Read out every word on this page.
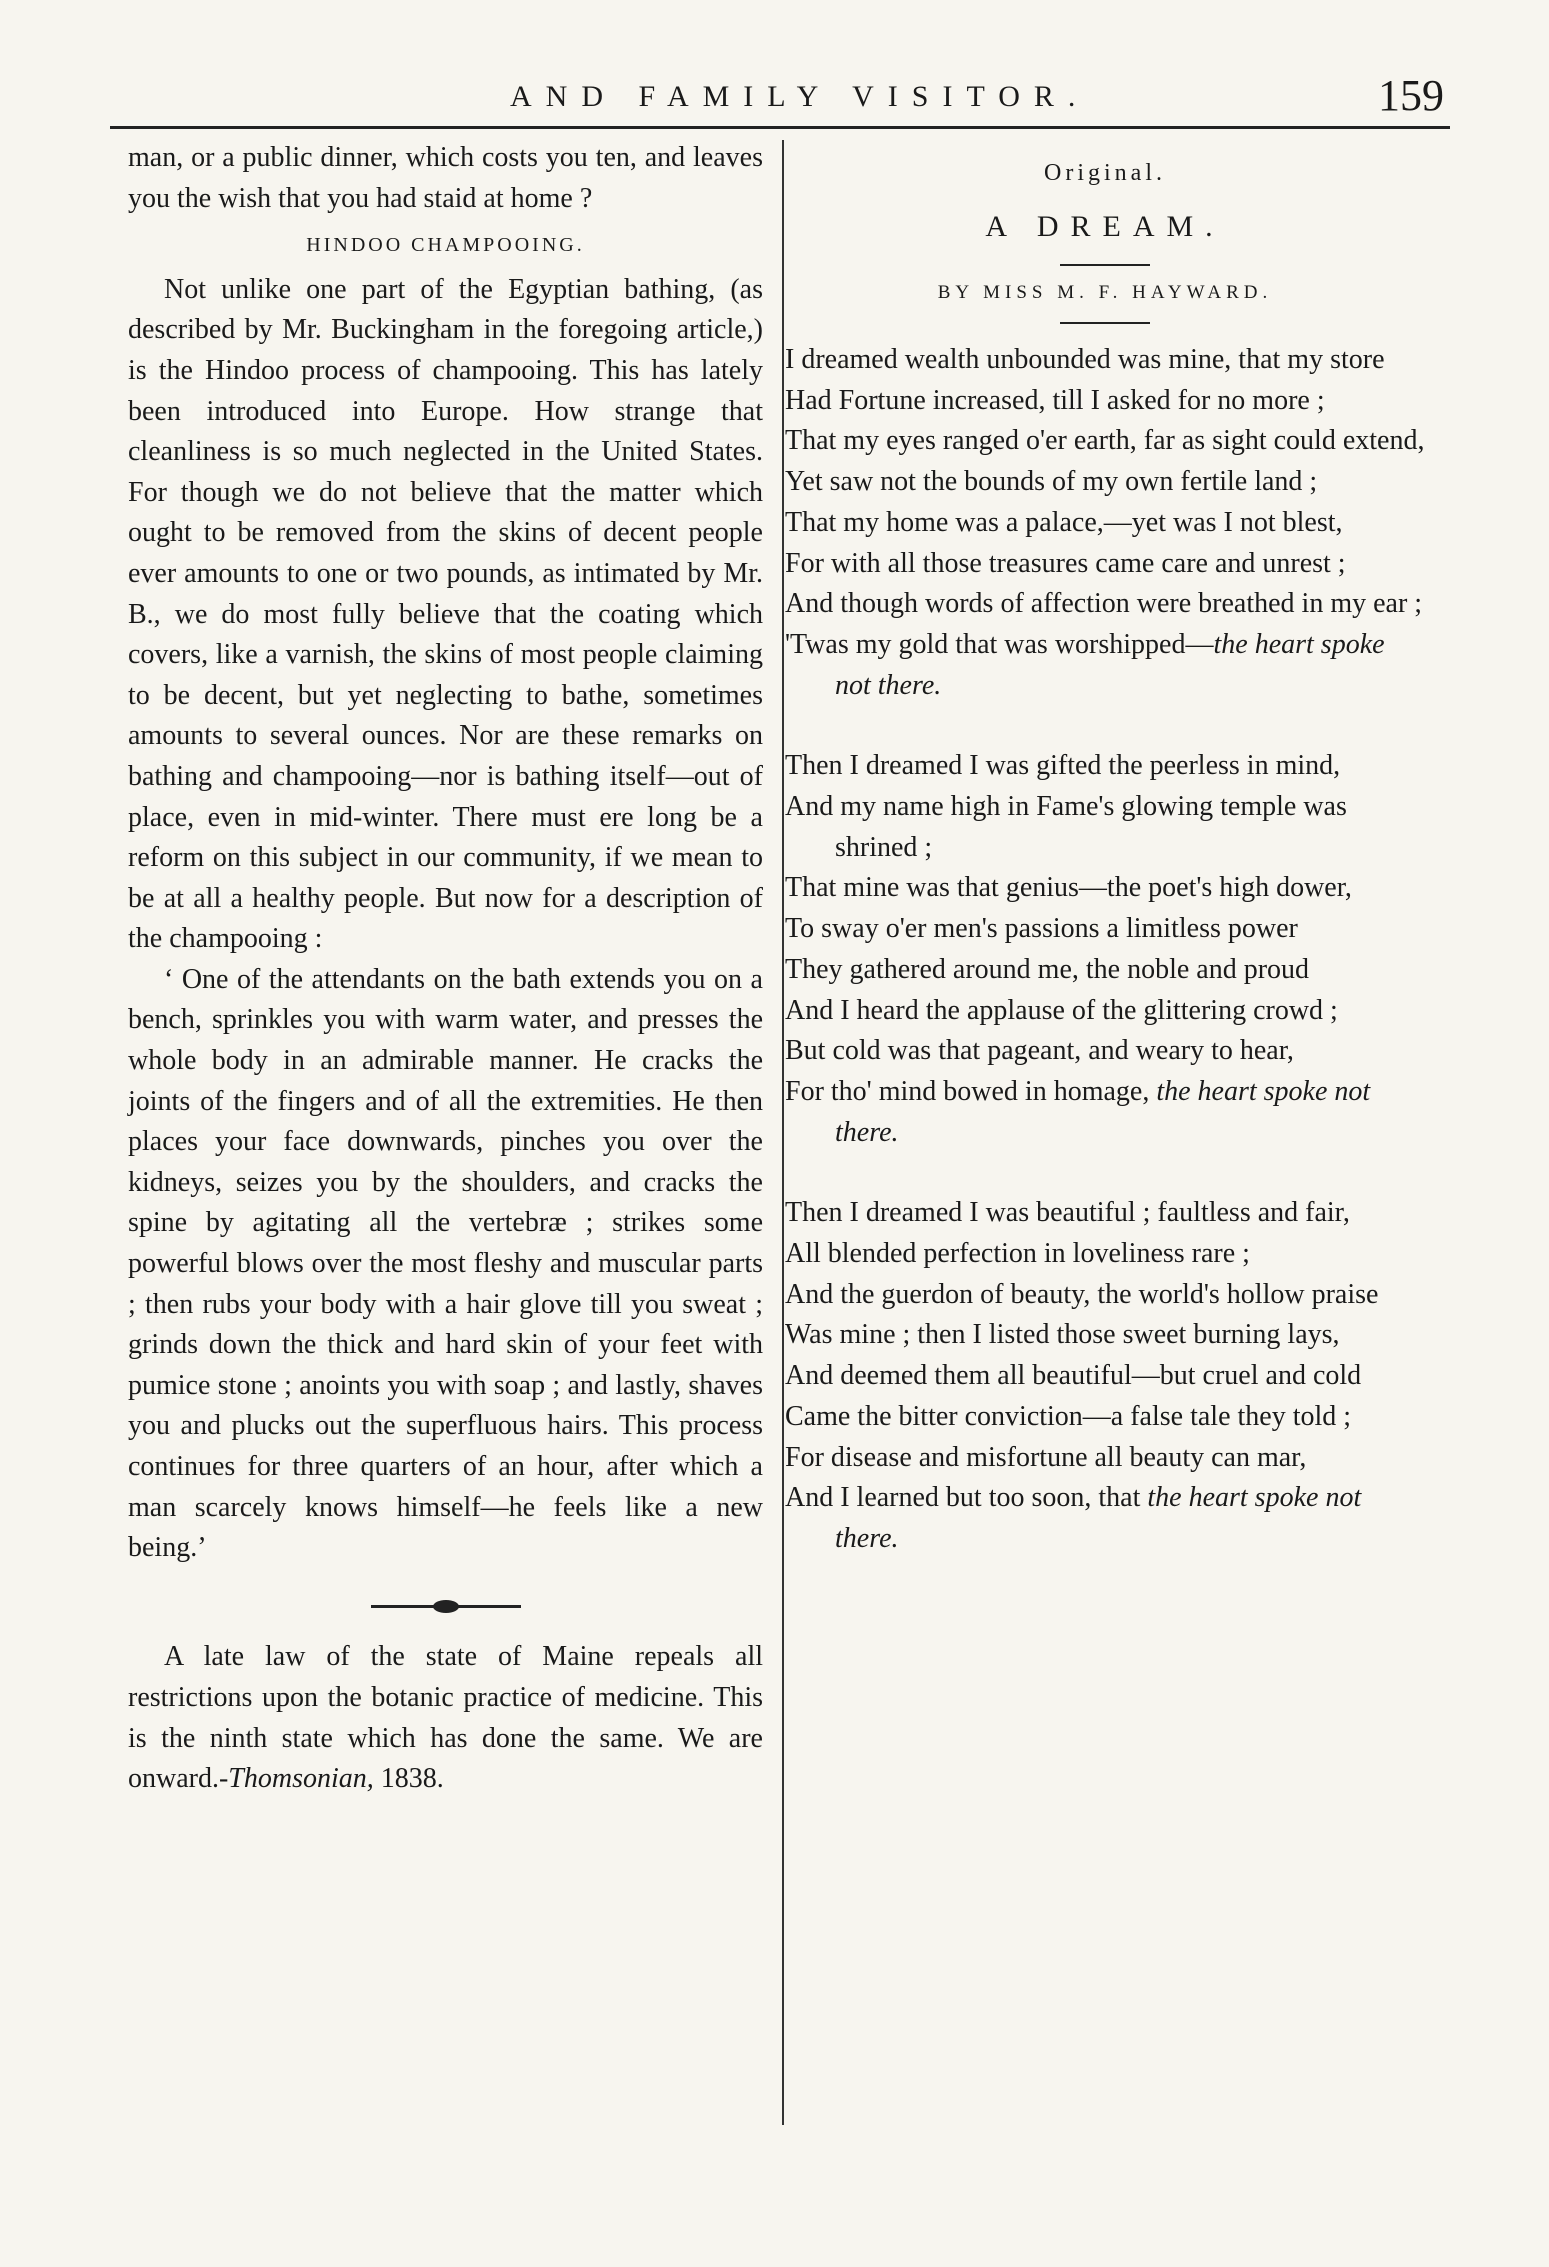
AND FAMILY VISITOR.	159

man, or a public dinner, which costs you ten, and leaves you the wish that you had staid at home ?

HINDOO CHAMPOOING.

Not unlike one part of the Egyptian bathing, (as described by Mr. Buckingham in the foregoing article,) is the Hindoo process of champooing. This has lately been introduced into Europe. How strange that cleanliness is so much neglected in the United States. For though we do not believe that the matter which ought to be removed from the skins of decent people ever amounts to one or two pounds, as intimated by Mr. B., we do most fully believe that the coating which covers, like a varnish, the skins of most people claiming to be decent, but yet neglecting to bathe, sometimes amounts to several ounces. Nor are these remarks on bathing and champooing—nor is bathing itself—out of place, even in mid-winter. There must ere long be a reform on this subject in our community, if we mean to be at all a healthy people. But now for a description of the champooing :

‘ One of the attendants on the bath extends you on a bench, sprinkles you with warm water, and presses the whole body in an admirable manner. He cracks the joints of the fingers and of all the extremities. He then places your face downwards, pinches you over the kidneys, seizes you by the shoulders, and cracks the spine by agitating all the vertebræ ; strikes some powerful blows over the most fleshy and muscular parts ; then rubs your body with a hair glove till you sweat ; grinds down the thick and hard skin of your feet with pumice stone ; anoints you with soap ; and lastly, shaves you and plucks out the superfluous hairs. This process continues for three quarters of an hour, after which a man scarcely knows himself—he feels like a new being.’

A late law of the state of Maine repeals all restrictions upon the botanic practice of medicine. This is the ninth state which has done the same. We are onward.-Thomsonian, 1838.

Original.
A DREAM.
BY MISS M. F. HAYWARD.
I dreamed wealth unbounded was mine, that my store
Had Fortune increased, till I asked for no more ;
That my eyes ranged o'er earth, far as sight could extend,
Yet saw not the bounds of my own fertile land ;
That my home was a palace,—yet was I not blest,
For with all those treasures came care and unrest ;
And though words of affection were breathed in my ear ;
'Twas my gold that was worshipped—the heart spoke not there.
Then I dreamed I was gifted the peerless in mind,
And my name high in Fame's glowing temple was shrined ;
That mine was that genius—the poet's high dower,
To sway o'er men's passions a limitless power
They gathered around me, the noble and proud
And I heard the applause of the glittering crowd ;
But cold was that pageant, and weary to hear,
For tho' mind bowed in homage, the heart spoke not there.
Then I dreamed I was beautiful ; faultless and fair,
All blended perfection in loveliness rare ;
And the guerdon of beauty, the world's hollow praise
Was mine ; then I listed those sweet burning lays,
And deemed them all beautiful—but cruel and cold
Came the bitter conviction—a false tale they told ;
For disease and misfortune all beauty can mar,
And I learned but too soon, that the heart spoke not there.
